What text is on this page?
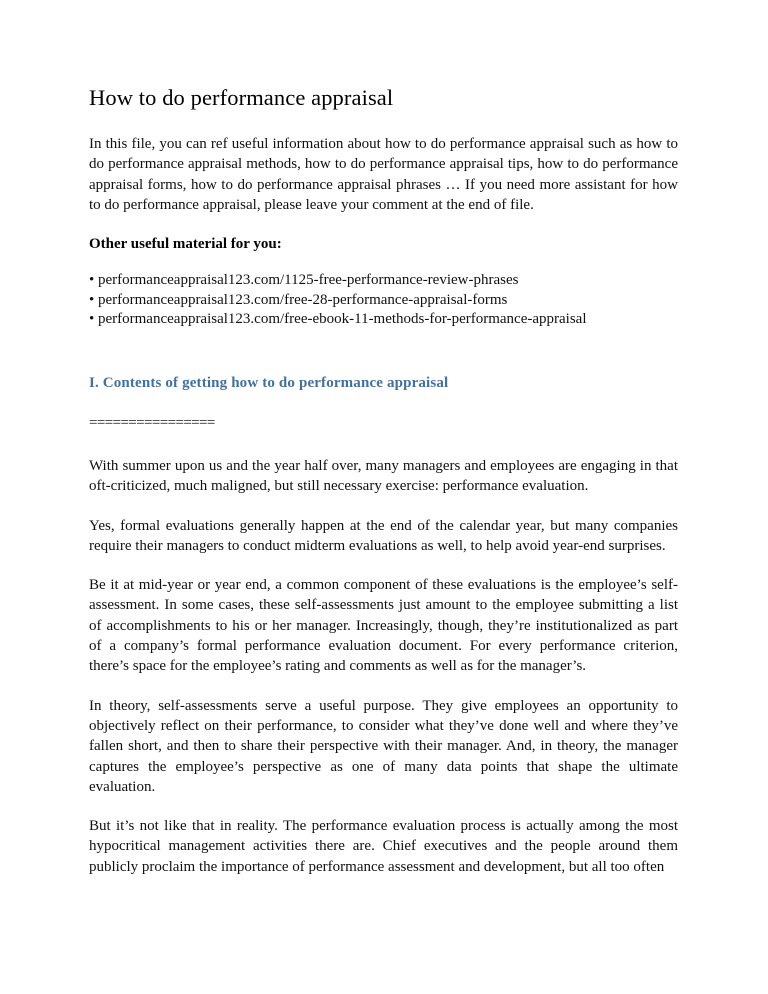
How to do performance appraisal

In this file, you can ref useful information about how to do performance appraisal such as how to do performance appraisal methods, how to do performance appraisal tips, how to do performance appraisal forms, how to do performance appraisal phrases … If you need more assistant for how to do performance appraisal, please leave your comment at the end of file.

Other useful material for you:

• performanceappraisal123.com/1125-free-performance-review-phrases
• performanceappraisal123.com/free-28-performance-appraisal-forms
• performanceappraisal123.com/free-ebook-11-methods-for-performance-appraisal
I. Contents of getting how to do performance appraisal
================

With summer upon us and the year half over, many managers and employees are engaging in that oft-criticized, much maligned, but still necessary exercise: performance evaluation.

Yes, formal evaluations generally happen at the end of the calendar year, but many companies require their managers to conduct midterm evaluations as well, to help avoid year-end surprises.

Be it at mid-year or year end, a common component of these evaluations is the employee’s self-assessment. In some cases, these self-assessments just amount to the employee submitting a list of accomplishments to his or her manager. Increasingly, though, they’re institutionalized as part of a company’s formal performance evaluation document. For every performance criterion, there’s space for the employee’s rating and comments as well as for the manager’s.

In theory, self-assessments serve a useful purpose. They give employees an opportunity to objectively reflect on their performance, to consider what they’ve done well and where they’ve fallen short, and then to share their perspective with their manager. And, in theory, the manager captures the employee’s perspective as one of many data points that shape the ultimate evaluation.

But it’s not like that in reality. The performance evaluation process is actually among the most hypocritical management activities there are. Chief executives and the people around them publicly proclaim the importance of performance assessment and development, but all too often
